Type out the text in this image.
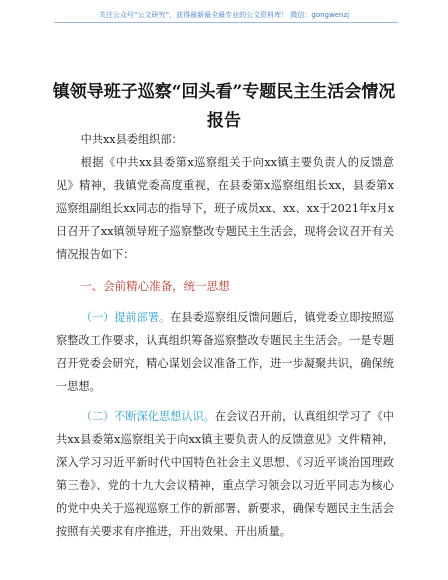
关注公众号“公文研究”，获得最新最全最专业的公文资料库！ 微信：gongwenzj
镇领导班子巡察“回头看”专题民主生活会情况
报告

中共xx县委组织部：

根据《中共xx县委第x巡察组关于向xx镇主要负责人的反馈意见》精神，我镇党委高度重视，在县委第x巡察组组长xx，县委第x巡察组副组长xx同志的指导下，班子成员xx、xx、xx于2021年x月x日召开了xx镇领导班子巡察整改专题民主生活会，现将会议召开有关情况报告如下：

一、会前精心准备，统一思想

（一）提前部署。在县委巡察组反馈问题后，镇党委立即按照巡察整改工作要求，认真组织筹备巡察整改专题民主生活会。一是专题召开党委会研究，精心谋划会议准备工作，进一步凝聚共识，确保统一思想。

（二）不断深化思想认识。在会议召开前，认真组织学习了《中共xx县委第x巡察组关于向xx镇主要负责人的反馈意见》文件精神，深入学习习近平新时代中国特色社会主义思想、《习近平谈治国理政第三卷》、党的十九大会议精神，重点学习领会以习近平同志为核心的党中央关于巡视巡察工作的新部署、新要求，确保专题民主生活会按照有关要求有序推进，开出效果、开出质量。
